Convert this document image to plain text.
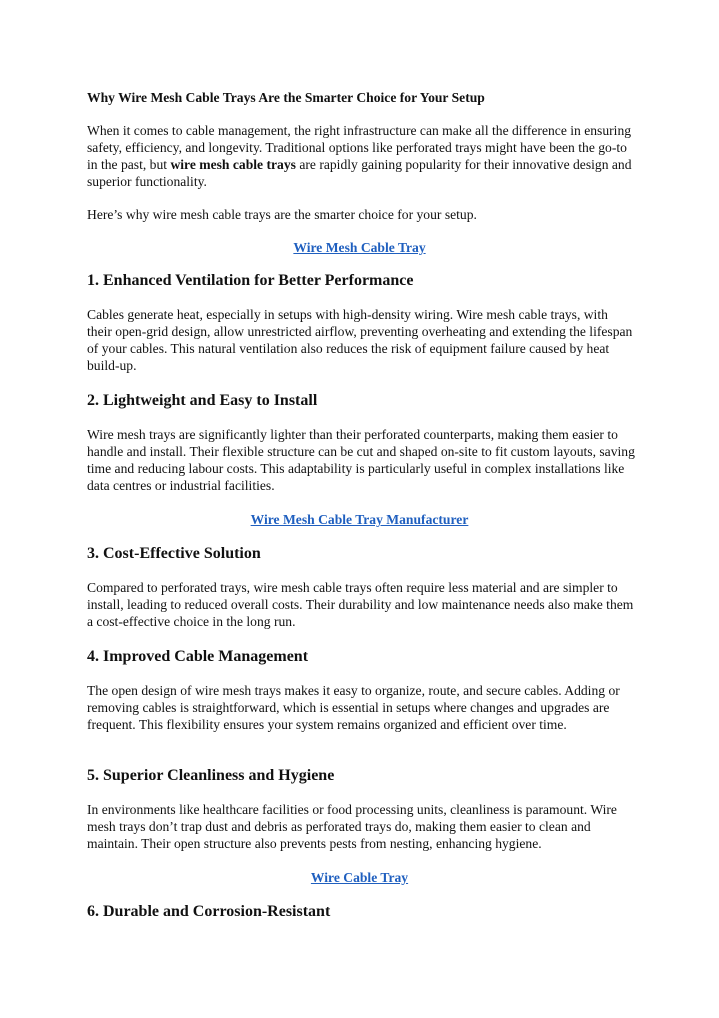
Why Wire Mesh Cable Trays Are the Smarter Choice for Your Setup

When it comes to cable management, the right infrastructure can make all the difference in ensuring safety, efficiency, and longevity. Traditional options like perforated trays might have been the go-to in the past, but wire mesh cable trays are rapidly gaining popularity for their innovative design and superior functionality.

Here’s why wire mesh cable trays are the smarter choice for your setup.

Wire Mesh Cable Tray

1. Enhanced Ventilation for Better Performance

Cables generate heat, especially in setups with high-density wiring. Wire mesh cable trays, with their open-grid design, allow unrestricted airflow, preventing overheating and extending the lifespan of your cables. This natural ventilation also reduces the risk of equipment failure caused by heat build-up.

2. Lightweight and Easy to Install

Wire mesh trays are significantly lighter than their perforated counterparts, making them easier to handle and install. Their flexible structure can be cut and shaped on-site to fit custom layouts, saving time and reducing labour costs. This adaptability is particularly useful in complex installations like data centres or industrial facilities.

Wire Mesh Cable Tray Manufacturer

3. Cost-Effective Solution

Compared to perforated trays, wire mesh cable trays often require less material and are simpler to install, leading to reduced overall costs. Their durability and low maintenance needs also make them a cost-effective choice in the long run.

4. Improved Cable Management

The open design of wire mesh trays makes it easy to organize, route, and secure cables. Adding or removing cables is straightforward, which is essential in setups where changes and upgrades are frequent. This flexibility ensures your system remains organized and efficient over time.

5. Superior Cleanliness and Hygiene

In environments like healthcare facilities or food processing units, cleanliness is paramount. Wire mesh trays don’t trap dust and debris as perforated trays do, making them easier to clean and maintain. Their open structure also prevents pests from nesting, enhancing hygiene.

Wire Cable Tray

6. Durable and Corrosion-Resistant
